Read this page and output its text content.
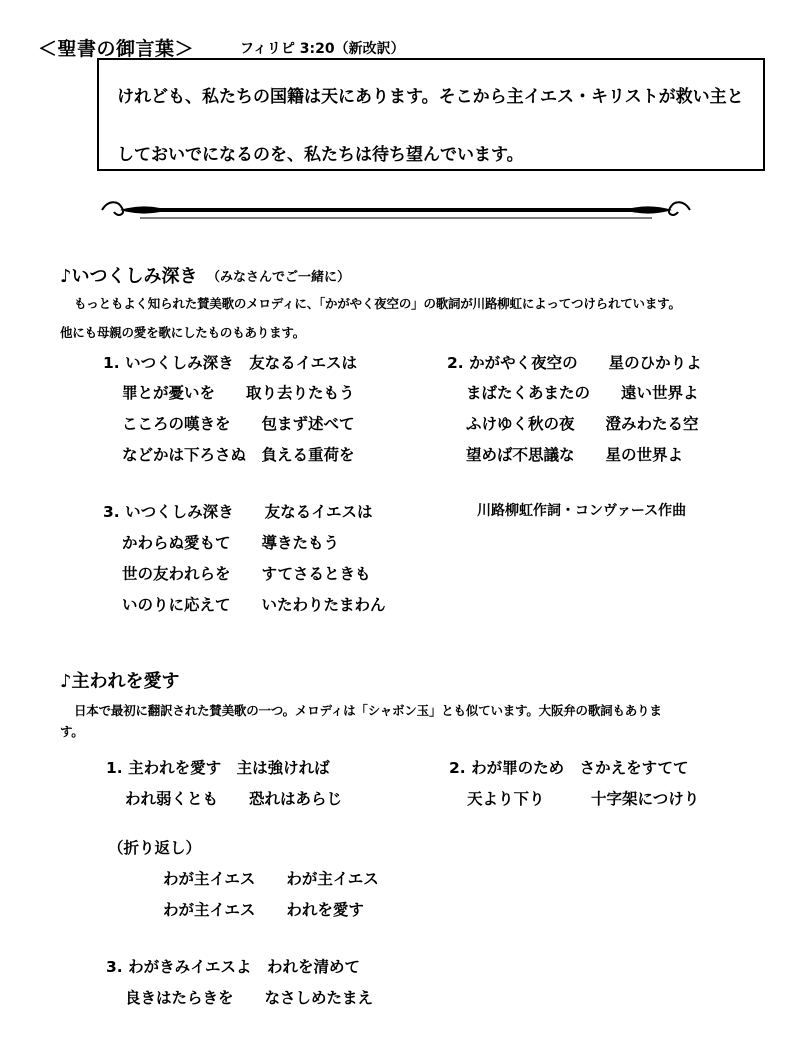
＜聖書の御言葉＞	フィリピ 3:20（新改訳）
けれども、私たちの国籍は天にあります。そこから主イエス・キリストが救い主と
しておいでになるのを、私たちは待ち望んでいます。
♪いつくしみ深き （みなさんでご一緒に）
もっともよく知られた賛美歌のメロディに、「かがやく夜空の」の歌詞が川路柳虹によってつけられています。
他にも母親の愛を歌にしたものもあります。
1. いつくしみ深き　友なるイエスは
罪とが憂いを　　取り去りたもう
こころの嘆きを　　包まず述べて
などかは下ろさぬ　負える重荷を
2. かがやく夜空の　　星のひかりよ
まばたくあまたの　　遠い世界よ
ふけゆく秋の夜　　澄みわたる空
望めば不思議な　　星の世界よ
3. いつくしみ深き　　友なるイエスは
かわらぬ愛もて　　導きたもう
世の友われらを　　すてさるときも
いのりに応えて　　いたわりたまわん
川路柳虹作詞・コンヴァース作曲
♪主われを愛す
日本で最初に翻訳された賛美歌の一つ。メロディは「シャボン玉」とも似ています。大阪弁の歌詞もありま
す。
1. 主われを愛す　主は強ければ
われ弱くとも　　恐れはあらじ
2. わが罪のため　さかえをすてて
天より下り　　　十字架につけり
（折り返し）
わが主イエス　　わが主イエス
わが主イエス　　われを愛す
3. わがきみイエスよ　われを清めて
良きはたらきを　　なさしめたまえ
